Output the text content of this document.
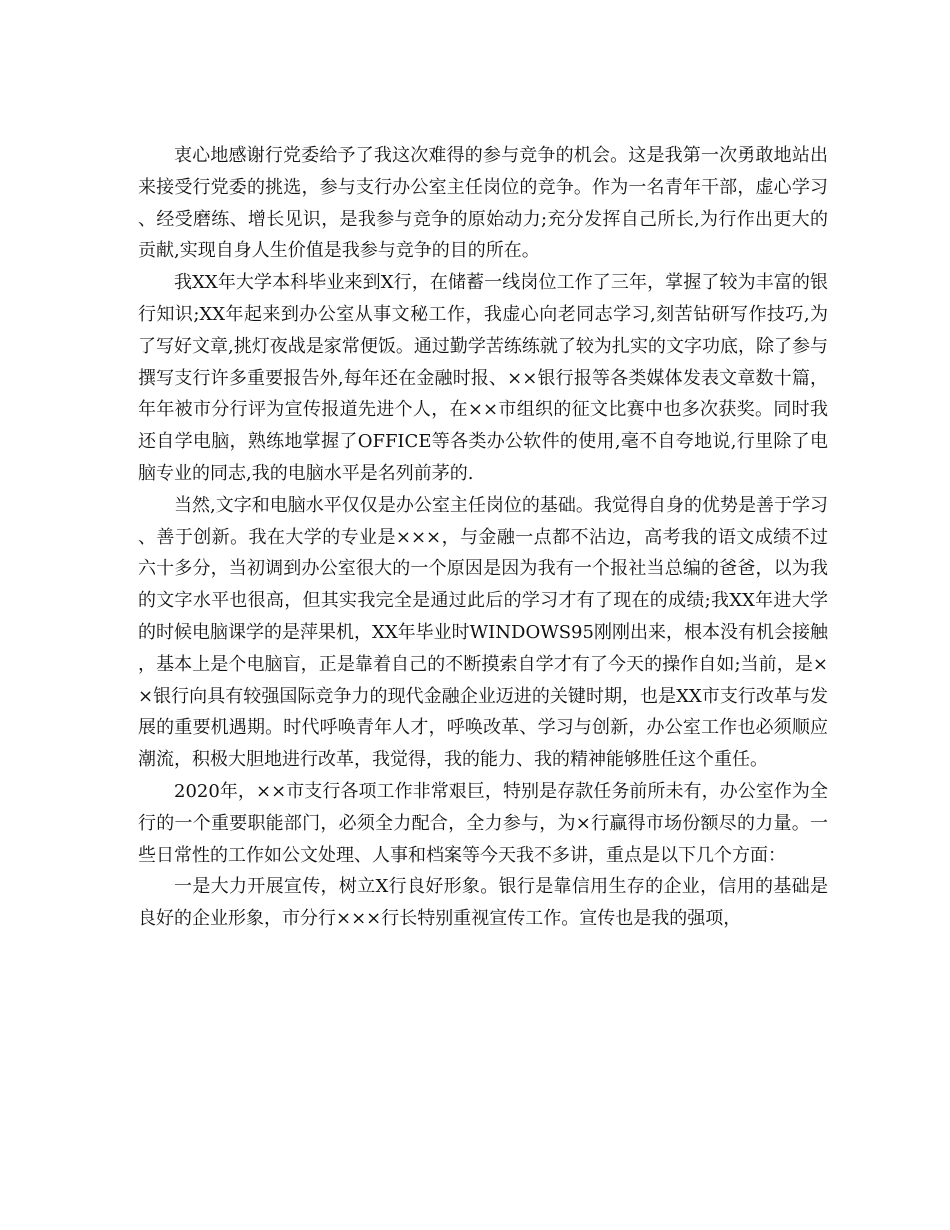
衷心地感谢行党委给予了我这次难得的参与竞争的机会。这是我第一次勇敢地站出来接受行党委的挑选，参与支行办公室主任岗位的竞争。作为一名青年干部，虚心学习、经受磨练、增长见识，是我参与竞争的原始动力;充分发挥自己所长,为行作出更大的贡献,实现自身人生价值是我参与竞争的目的所在。

我XX年大学本科毕业来到X行，在储蓄一线岗位工作了三年，掌握了较为丰富的银行知识;XX年起来到办公室从事文秘工作，我虚心向老同志学习,刻苦钻研写作技巧,为了写好文章,挑灯夜战是家常便饭。通过勤学苦练练就了较为扎实的文字功底，除了参与撰写支行许多重要报告外,每年还在金融时报、××银行报等各类媒体发表文章数十篇，年年被市分行评为宣传报道先进个人，在××市组织的征文比赛中也多次获奖。同时我还自学电脑，熟练地掌握了OFFICE等各类办公软件的使用,毫不自夸地说,行里除了电脑专业的同志,我的电脑水平是名列前茅的.

当然,文字和电脑水平仅仅是办公室主任岗位的基础。我觉得自身的优势是善于学习、善于创新。我在大学的专业是×××，与金融一点都不沾边，高考我的语文成绩不过六十多分，当初调到办公室很大的一个原因是因为我有一个报社当总编的爸爸，以为我的文字水平也很高，但其实我完全是通过此后的学习才有了现在的成绩;我XX年进大学的时候电脑课学的是萍果机，XX年毕业时WINDOWS95刚刚出来，根本没有机会接触，基本上是个电脑盲，正是靠着自己的不断摸索自学才有了今天的操作自如;当前，是××银行向具有较强国际竞争力的现代金融企业迈进的关键时期，也是XX市支行改革与发展的重要机遇期。时代呼唤青年人才，呼唤改革、学习与创新，办公室工作也必须顺应潮流，积极大胆地进行改革，我觉得，我的能力、我的精神能够胜任这个重任。

2020年，××市支行各项工作非常艰巨，特别是存款任务前所未有，办公室作为全行的一个重要职能部门，必须全力配合，全力参与，为×行赢得市场份额尽的力量。一些日常性的工作如公文处理、人事和档案等今天我不多讲，重点是以下几个方面：

一是大力开展宣传，树立X行良好形象。银行是靠信用生存的企业，信用的基础是良好的企业形象，市分行×××行长特别重视宣传工作。宣传也是我的强项，
